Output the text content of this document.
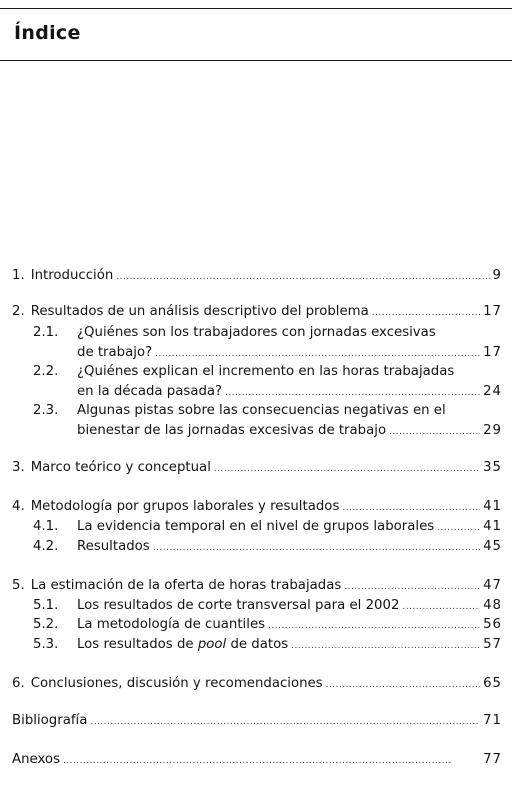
Índice
1. Introducción . . .	9
2. Resultados de un análisis descriptivo del problema . . .	17
2.1.	¿Quiénes son los trabajadores con jornadas excesivas
de trabajo? . . .	17
2.2.	¿Quiénes explican el incremento en las horas trabajadas
en la década pasada? . . .	24
2.3.	Algunas pistas sobre las consecuencias negativas en el
bienestar de las jornadas excesivas de trabajo . . .	29
3. Marco teórico y conceptual . . .	35
4. Metodología por grupos laborales y resultados . . .	41
4.1.	La evidencia temporal en el nivel de grupos laborales . . .	41
4.2.	Resultados . . .	45
5. La estimación de la oferta de horas trabajadas . . .	47
5.1.	Los resultados de corte transversal para el 2002 . . .	48
5.2.	La metodología de cuantiles . . .	56
5.3.	Los resultados de pool de datos . . .	57
6. Conclusiones, discusión y recomendaciones . . .	65
Bibliografía . . .	71
Anexos . . .	77
